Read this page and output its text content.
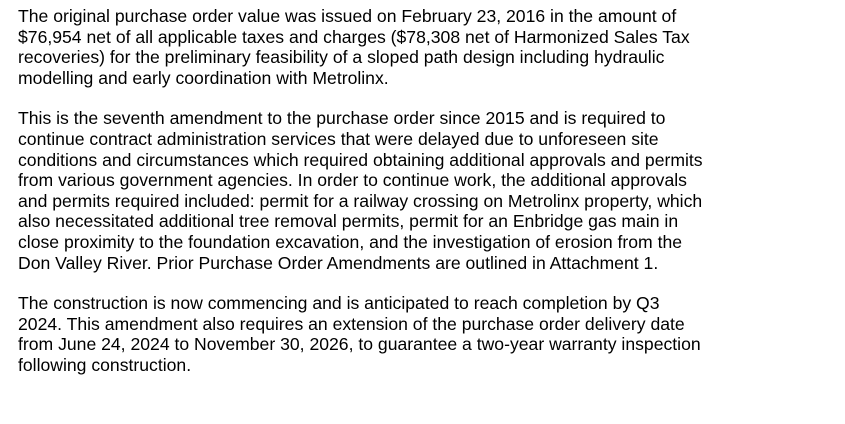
The original purchase order value was issued on February 23, 2016 in the amount of
$76,954 net of all applicable taxes and charges ($78,308 net of Harmonized Sales Tax
recoveries) for the preliminary feasibility of a sloped path design including hydraulic
modelling and early coordination with Metrolinx.

This is the seventh amendment to the purchase order since 2015 and is required to
continue contract administration services that were delayed due to unforeseen site
conditions and circumstances which required obtaining additional approvals and permits
from various government agencies. In order to continue work, the additional approvals
and permits required included: permit for a railway crossing on Metrolinx property, which
also necessitated additional tree removal permits, permit for an Enbridge gas main in
close proximity to the foundation excavation, and the investigation of erosion from the
Don Valley River. Prior Purchase Order Amendments are outlined in Attachment 1.

The construction is now commencing and is anticipated to reach completion by Q3
2024. This amendment also requires an extension of the purchase order delivery date
from June 24, 2024 to November 30, 2026, to guarantee a two-year warranty inspection
following construction.
